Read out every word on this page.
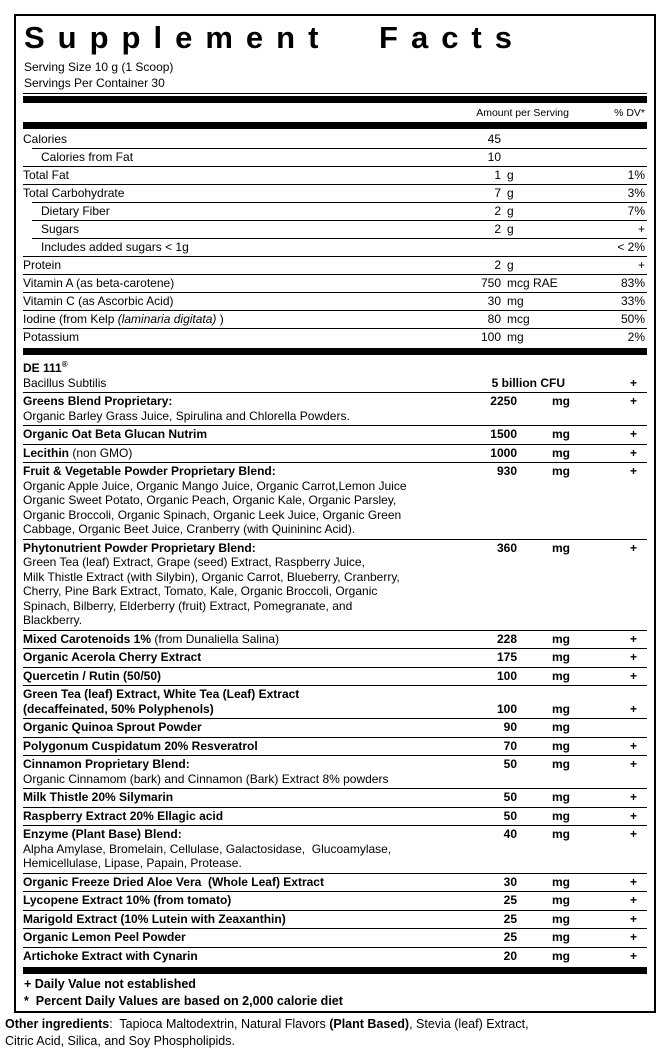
Supplement Facts
Serving Size 10 g (1 Scoop)
Servings Per Container 30
Amount per Serving	% DV*
Calories	45
Calories from Fat	10
Total Fat	1 g	1%
Total Carbohydrate	7 g	3%
Dietary Fiber	2 g	7%
Sugars	2 g	+
Includes added sugars < 1g	< 2%
Protein	2 g	+
Vitamin A (as beta-carotene)	750 mcg RAE	83%
Vitamin C (as Ascorbic Acid)	30 mg	33%
Iodine (from Kelp (laminaria digitata) )	80 mcg	50%
Potassium	100 mg	2%
DE 111®
Bacillus Subtilis	5 billion CFU	+
Greens Blend Proprietary:	2250	mg	+
Organic Barley Grass Juice, Spirulina and Chlorella Powders.
Organic Oat Beta Glucan Nutrim	1500	mg	+
Lecithin (non GMO)	1000	mg	+
Fruit & Vegetable Powder Proprietary Blend:	930	mg	+
Organic Apple Juice, Organic Mango Juice, Organic Carrot,Lemon Juice
Organic Sweet Potato, Organic Peach, Organic Kale, Organic Parsley,
Organic Broccoli, Organic Spinach, Organic Leek Juice, Organic Green
Cabbage, Organic Beet Juice, Cranberry (with Quinininc Acid).
Phytonutrient Powder Proprietary Blend:	360	mg	+
Green Tea (leaf) Extract, Grape (seed) Extract, Raspberry Juice,
Milk Thistle Extract (with Silybin), Organic Carrot, Blueberry, Cranberry,
Cherry, Pine Bark Extract, Tomato, Kale, Organic Broccoli, Organic
Spinach, Bilberry, Elderberry (fruit) Extract, Pomegranate, and
Blackberry.
Mixed Carotenoids 1% (from Dunaliella Salina)	228	mg	+
Organic Acerola Cherry Extract	175	mg	+
Quercetin / Rutin (50/50)	100	mg	+
Green Tea (leaf) Extract, White Tea (Leaf) Extract
(decaffeinated, 50% Polyphenols)	100	mg	+
Organic Quinoa Sprout Powder	90	mg
Polygonum Cuspidatum 20% Resveratrol	70	mg	+
Cinnamon Proprietary Blend:	50	mg	+
Organic Cinnamom (bark) and Cinnamon (Bark) Extract 8% powders
Milk Thistle 20% Silymarin	50	mg	+
Raspberry Extract 20% Ellagic acid	50	mg	+
Enzyme (Plant Base) Blend:	40	mg	+
Alpha Amylase, Bromelain, Cellulase, Galactosidase,  Glucoamylase,
Hemicellulase, Lipase, Papain, Protease.
Organic Freeze Dried Aloe Vera  (Whole Leaf) Extract	30	mg	+
Lycopene Extract 10% (from tomato)	25	mg	+
Marigold Extract (10% Lutein with Zeaxanthin)	25	mg	+
Organic Lemon Peel Powder	25	mg	+
Artichoke Extract with Cynarin	20	mg	+
+ Daily Value not established
*  Percent Daily Values are based on 2,000 calorie diet
Other ingredients:  Tapioca Maltodextrin, Natural Flavors (Plant Based), Stevia (leaf) Extract,
Citric Acid, Silica, and Soy Phospholipids.
